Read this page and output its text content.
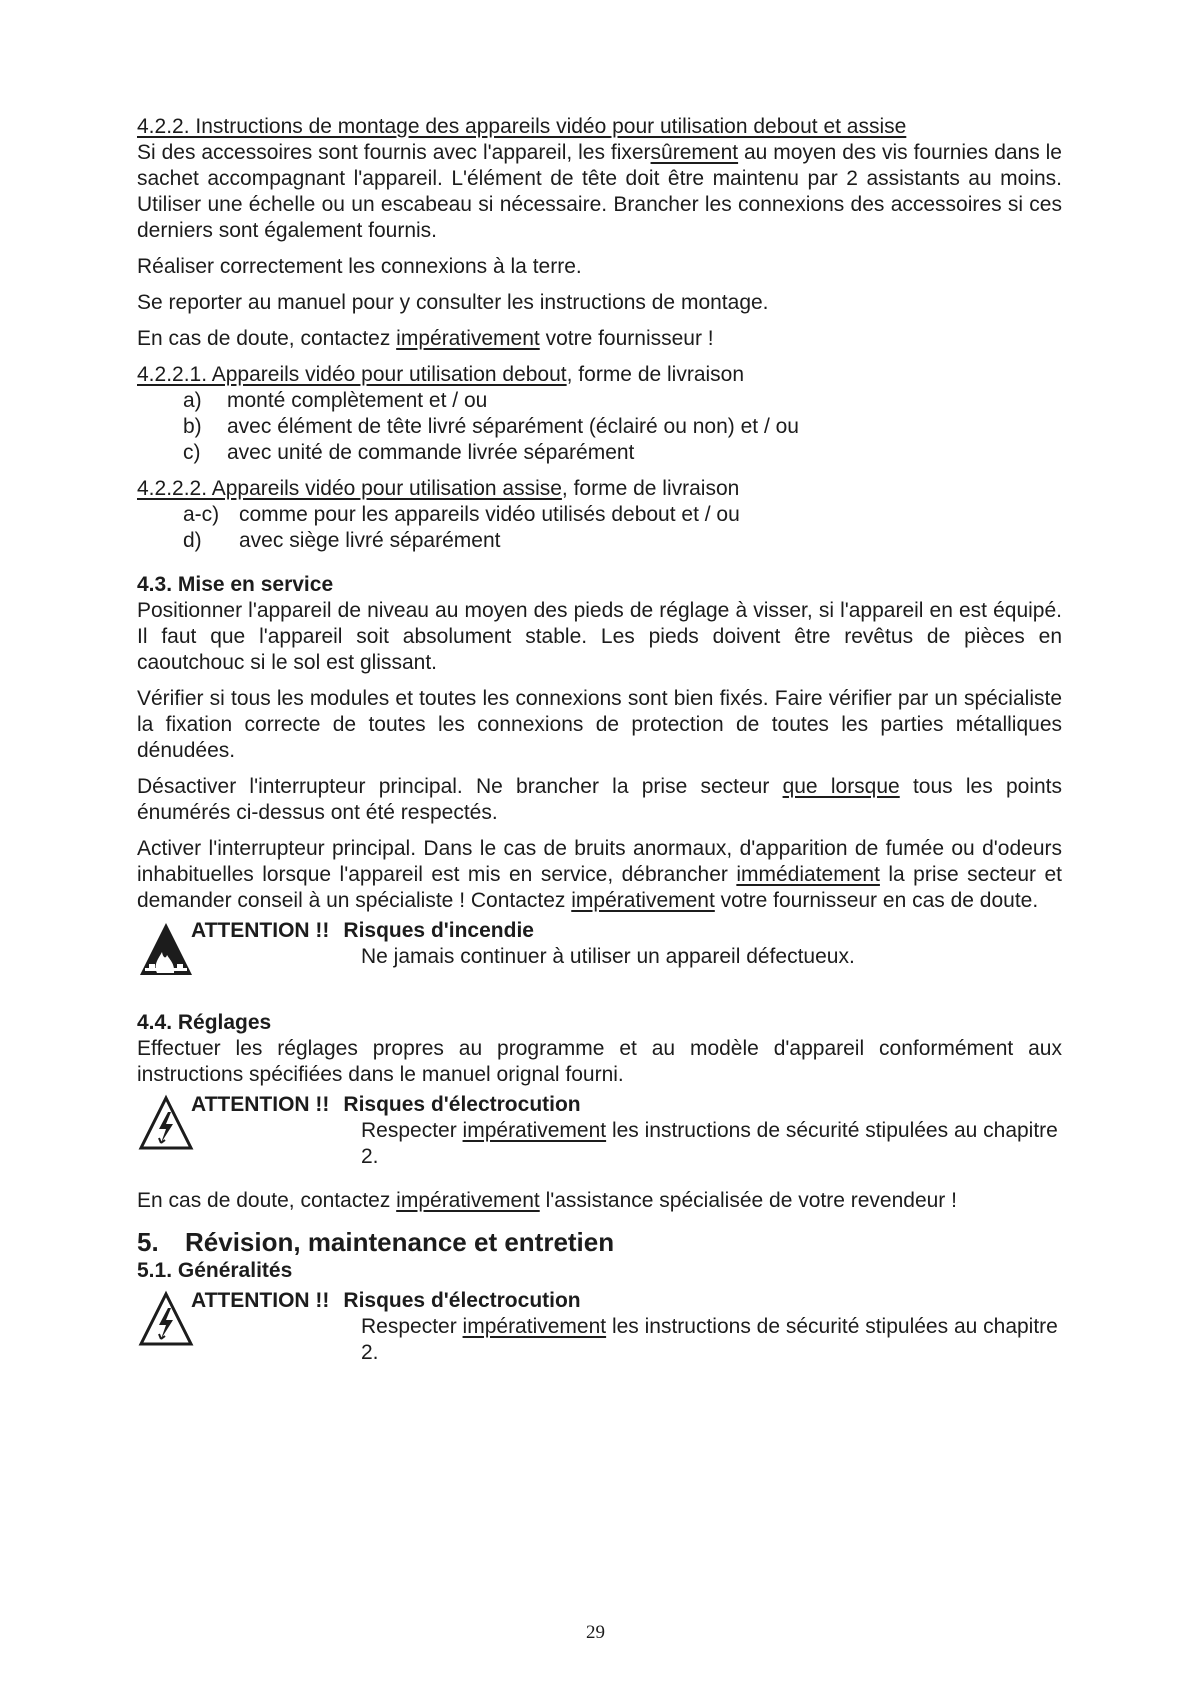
4.2.2. Instructions de montage des appareils vidéo pour utilisation debout et assise

Si des accessoires sont fournis avec l'appareil, les fixersûrement au moyen des vis fournies dans le sachet accompagnant l'appareil. L'élément de tête doit être maintenu par 2 assistants au moins. Utiliser une échelle ou un escabeau si nécessaire. Brancher les connexions des accessoires si ces derniers sont également fournis.

Réaliser correctement les connexions à la terre.

Se reporter au manuel pour y consulter les instructions de montage.

En cas de doute, contactez impérativement votre fournisseur !

4.2.2.1. Appareils vidéo pour utilisation debout, forme de livraison

a)	monté complètement et / ou
b)	avec élément de tête livré séparément (éclairé ou non) et / ou
c)	avec unité de commande livrée séparément

4.2.2.2. Appareils vidéo pour utilisation assise, forme de livraison

a-c) comme pour les appareils vidéo utilisés debout et / ou
d)	avec siège livré séparément

4.3. Mise en service

Positionner l'appareil de niveau au moyen des pieds de réglage à visser, si l'appareil en est équipé. Il faut que l'appareil soit absolument stable. Les pieds doivent être revêtus de pièces en caoutchouc si le sol est glissant.

Vérifier si tous les modules et toutes les connexions sont bien fixés. Faire vérifier par un spécialiste la fixation correcte de toutes les connexions de protection de toutes les parties métalliques dénudées.

Désactiver l'interrupteur principal. Ne brancher la prise secteur que lorsque tous les points énumérés ci-dessus ont été respectés.

Activer l'interrupteur principal. Dans le cas de bruits anormaux, d'apparition de fumée ou d'odeurs inhabituelles lorsque l'appareil est mis en service, débrancher immédiatement la prise secteur et demander conseil à un spécialiste ! Contactez impérativement votre fournisseur en cas de doute.

ATTENTION !! Risques d'incendie
Ne jamais continuer à utiliser un appareil défectueux.

4.4. Réglages

Effectuer les réglages propres au programme et au modèle d'appareil conformément aux instructions spécifiées dans le manuel orignal fourni.

ATTENTION !! Risques d'électrocution
Respecter impérativement les instructions de sécurité stipulées au chapitre 2.

En cas de doute, contactez impérativement l'assistance spécialisée de votre revendeur !

5. Révision, maintenance et entretien

5.1. Généralités

ATTENTION !! Risques d'électrocution
Respecter impérativement les instructions de sécurité stipulées au chapitre 2.
29
